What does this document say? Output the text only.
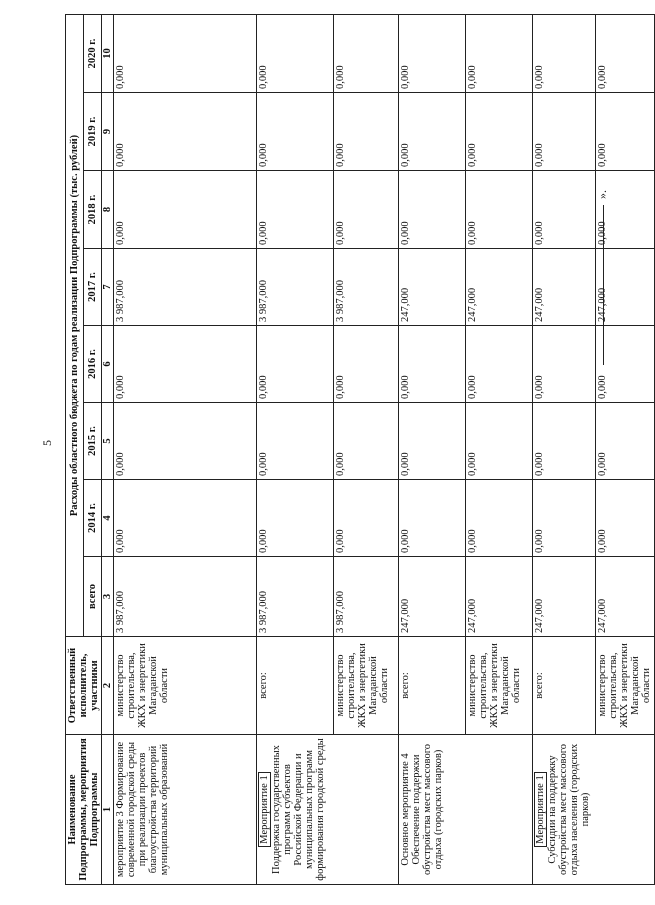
5
Наименование Подпрограммы, мероприятия Подпрограммы	Ответственный исполнитель, участники	Расходы областного бюджета по годам реализации Подпрограммы (тыс. рублей)							
		всего	2014 г.	2015 г.	2016 г.	2017 г.	2018 г.	2019 г.	2020 г.
1	2	3	4	5	6	7	8	9	10
мероприятие 3 Формирование современной городской среды при реализации проектов благоустройства территорий муниципальных образований	министерство строительства, ЖКХ и энергетики Магаданской области	3 987,000	0,000	0,000	0,000	3 987,000	0,000	0,000	0,000
Мероприятие 1 Поддержка государственных программ субъектов Российской Федерации и муниципальных программ формирования городской среды	всего:	3 987,000	0,000	0,000	0,000	3 987,000	0,000	0,000	0,000
	министерство строительства, ЖКХ и энергетики Магаданской области	3 987,000	0,000	0,000	0,000	3 987,000	0,000	0,000	0,000
Основное мероприятие 4 Обеспечение поддержки обустройства мест массового отдыха (городских парков)	всего:	247,000	0,000	0,000	0,000	247,000	0,000	0,000	0,000
	министерство строительства, ЖКХ и энергетики Магаданской области	247,000	0,000	0,000	0,000	247,000	0,000	0,000	0,000
Мероприятие 1 Субсидии на поддержку обустройства мест массового отдыха населения (городских парков)	всего:	247,000	0,000	0,000	0,000	247,000	0,000	0,000	0,000
	министерство строительства, ЖКХ и энергетики Магаданской области	247,000	0,000	0,000	0,000	247,000	0,000	0,000	0,000
».
